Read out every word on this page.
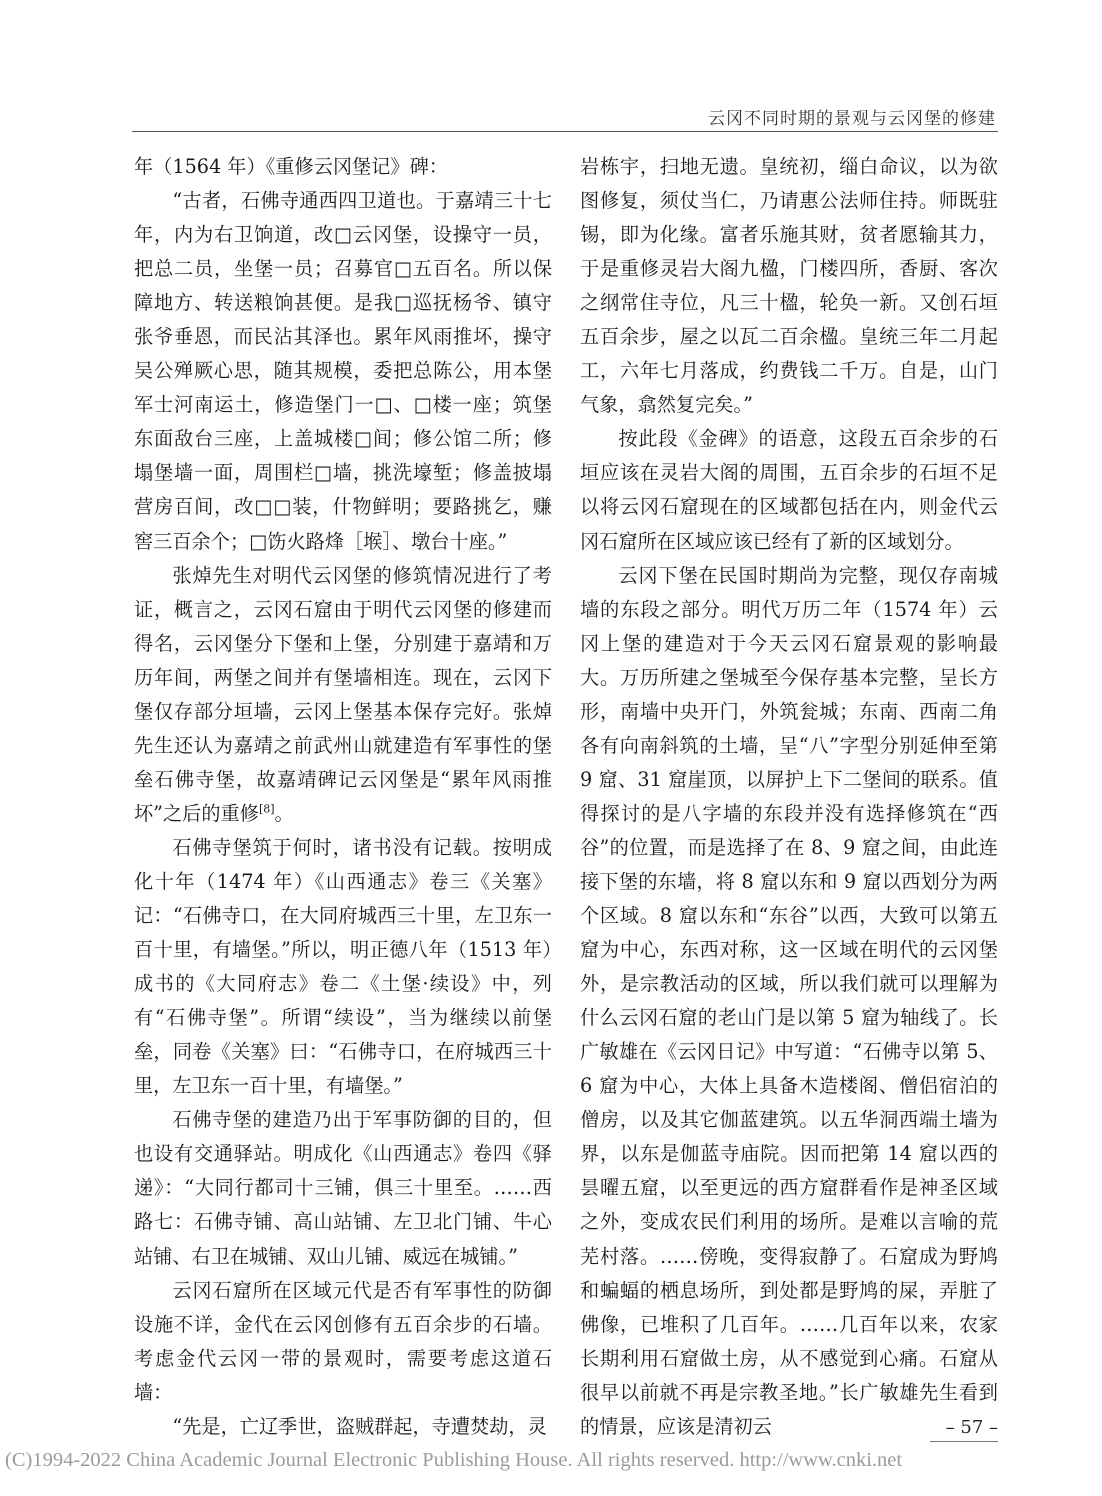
云冈不同时期的景观与云冈堡的修建

年（1564 年）《重修云冈堡记》碑：

“古者，石佛寺通西四卫道也。于嘉靖三十七年，内为右卫饷道，改□云冈堡，设操守一员，把总二员，坐堡一员；召募官□五百名。所以保障地方、转送粮饷甚便。是我□巡抚杨爷、镇守张爷垂恩，而民沾其泽也。累年风雨推坏，操守吴公殚厥心思，随其规模，委把总陈公，用本堡军士河南运土，修造堡门一□、□楼一座；筑堡东面敌台三座，上盖城楼□间；修公馆二所；修塌堡墙一面，周围栏□墙，挑洗壕堑；修盖披塌营房百间，改□□装，什物鲜明；要路挑乞，赚窖三百余个；□饬火路烽［堠］、墩台十座。”

张焯先生对明代云冈堡的修筑情况进行了考证，概言之，云冈石窟由于明代云冈堡的修建而得名，云冈堡分下堡和上堡，分别建于嘉靖和万历年间，两堡之间并有堡墙相连。现在，云冈下堡仅存部分垣墙，云冈上堡基本保存完好。张焯先生还认为嘉靖之前武州山就建造有军事性的堡垒石佛寺堡，故嘉靖碑记云冈堡是“累年风雨推坏”之后的重修[8]。

石佛寺堡筑于何时，诸书没有记载。按明成化十年（1474 年）《山西通志》卷三《关塞》记：“石佛寺口，在大同府城西三十里，左卫东一百十里，有墙堡。”所以，明正德八年（1513 年）成书的《大同府志》卷二《土堡·续设》中，列有“石佛寺堡”。所谓“续设”，当为继续以前堡垒，同卷《关塞》曰：“石佛寺口，在府城西三十里，左卫东一百十里，有墙堡。”

石佛寺堡的建造乃出于军事防御的目的，但也设有交通驿站。明成化《山西通志》卷四《驿递》：“大同行都司十三铺，俱三十里至。……西路七：石佛寺铺、高山站铺、左卫北门铺、牛心站铺、右卫在城铺、双山儿铺、威远在城铺。”

云冈石窟所在区域元代是否有军事性的防御设施不详，金代在云冈创修有五百余步的石墙。考虑金代云冈一带的景观时，需要考虑这道石墙：

“先是，亡辽季世，盗贼群起，寺遭焚劫，灵

岩栋宇，扫地无遗。皇统初，缁白命议，以为欲图修复，须仗当仁，乃请惠公法师住持。师既驻锡，即为化缘。富者乐施其财，贫者愿输其力，于是重修灵岩大阁九楹，门楼四所，香厨、客次之纲常住寺位，凡三十楹，轮奂一新。又创石垣五百余步，屋之以瓦二百余楹。皇统三年二月起工，六年七月落成，约费钱二千万。自是，山门气象，翕然复完矣。”

按此段《金碑》的语意，这段五百余步的石垣应该在灵岩大阁的周围，五百余步的石垣不足以将云冈石窟现在的区域都包括在内，则金代云冈石窟所在区域应该已经有了新的区域划分。

云冈下堡在民国时期尚为完整，现仅存南城墙的东段之部分。明代万历二年（1574 年）云冈上堡的建造对于今天云冈石窟景观的影响最大。万历所建之堡城至今保存基本完整，呈长方形，南墙中央开门，外筑瓮城；东南、西南二角各有向南斜筑的土墙，呈“八”字型分别延伸至第 9 窟、31 窟崖顶，以屏护上下二堡间的联系。值得探讨的是八字墙的东段并没有选择修筑在“西谷”的位置，而是选择了在 8、9 窟之间，由此连接下堡的东墙，将 8 窟以东和 9 窟以西划分为两个区域。8 窟以东和“东谷”以西，大致可以第五窟为中心，东西对称，这一区域在明代的云冈堡外，是宗教活动的区域，所以我们就可以理解为什么云冈石窟的老山门是以第 5 窟为轴线了。长广敏雄在《云冈日记》中写道：“石佛寺以第 5、6 窟为中心，大体上具备木造楼阁、僧侣宿泊的僧房，以及其它伽蓝建筑。以五华洞西端土墙为界，以东是伽蓝寺庙院。因而把第 14 窟以西的昙曜五窟，以至更远的西方窟群看作是神圣区域之外，变成农民们利用的场所。是难以言喻的荒芜村落。……傍晚，变得寂静了。石窟成为野鸠和蝙蝠的栖息场所，到处都是野鸠的屎，弄脏了佛像，已堆积了几百年。……几百年以来，农家长期利用石窟做土房，从不感觉到心痛。石窟从很早以前就不再是宗教圣地。”长广敏雄先生看到的情景，应该是清初云	– 57 –
(C)1994-2022 China Academic Journal Electronic Publishing House. All rights reserved. http://www.cnki.net
